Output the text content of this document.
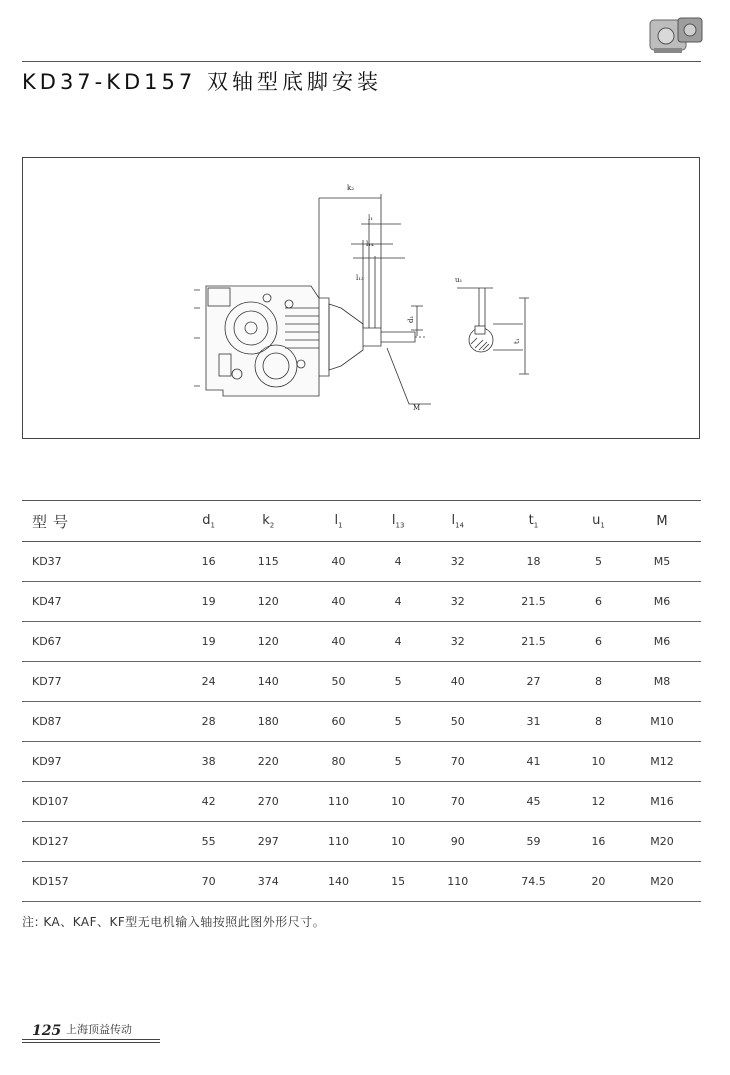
KD37-KD157 双轴型底脚安装
k₂
l₁
l₁₄
l₁₃
d₁
u₁
t₁
M
型号	$d_1$	$k_2$	$l_1$	$l_{13}$	$l_{14}$	$t_1$	$u_1$	M
KD37	16	115	40	4	32	18	5	M5
KD47	19	120	40	4	32	21.5	6	M6
KD67	19	120	40	4	32	21.5	6	M6
KD77	24	140	50	5	40	27	8	M8
KD87	28	180	60	5	50	31	8	M10
KD97	38	220	80	5	70	41	10	M12
KD107	42	270	110	10	70	45	12	M16
KD127	55	297	110	10	90	59	16	M20
KD157	70	374	140	15	110	74.5	20	M20
注: KA、KAF、KF型无电机输入轴按照此图外形尺寸。
125 上海顶益传动
